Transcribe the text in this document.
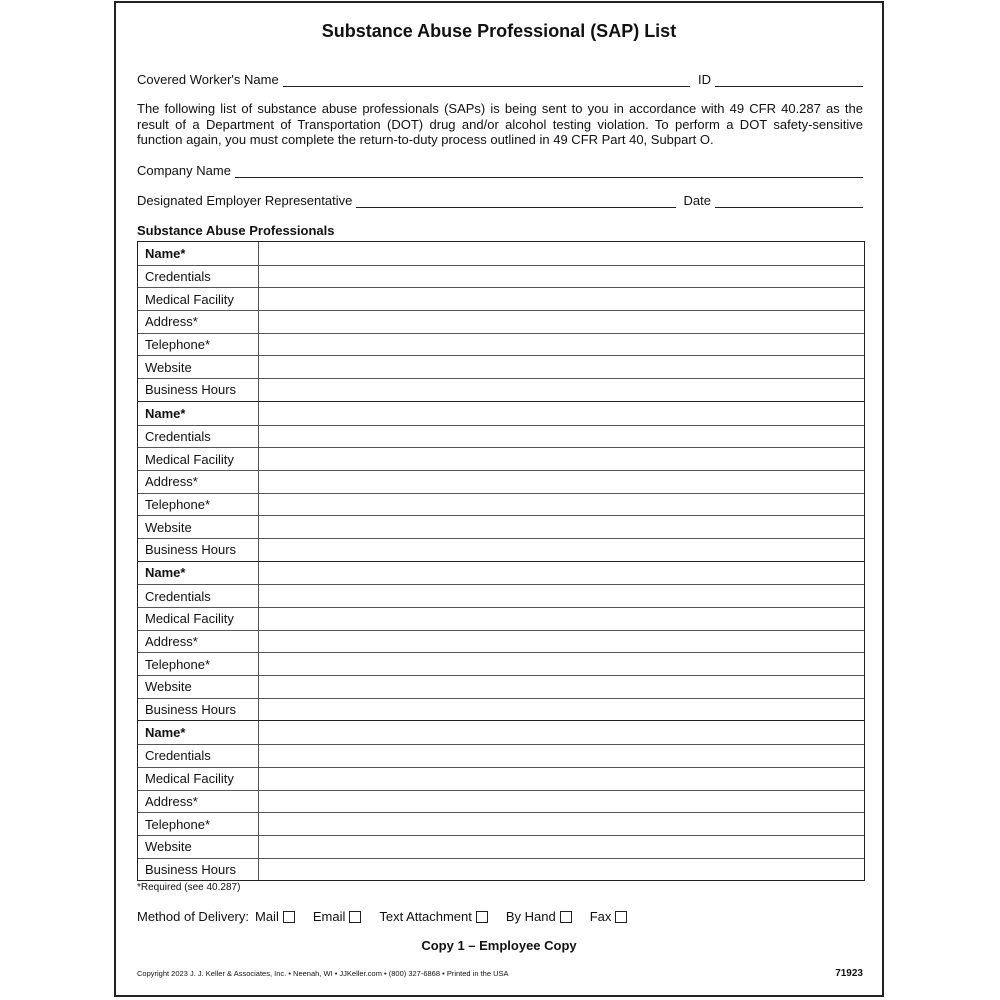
Substance Abuse Professional (SAP) List
Covered Worker's Name	ID
The following list of substance abuse professionals (SAPs) is being sent to you in accordance with 49 CFR 40.287 as the result of a Department of Transportation (DOT) drug and/or alcohol testing violation. To perform a DOT safety-sensitive function again, you must complete the return-to-duty process outlined in 49 CFR Part 40, Subpart O.
Company Name
Designated Employer Representative	Date
Substance Abuse Professionals
Name*
Credentials
Medical Facility
Address*
Telephone*
Website
Business Hours
Name*
Credentials
Medical Facility
Address*
Telephone*
Website
Business Hours
Name*
Credentials
Medical Facility
Address*
Telephone*
Website
Business Hours
Name*
Credentials
Medical Facility
Address*
Telephone*
Website
Business Hours
*Required (see 40.287)
Method of Delivery: Mail	Email	Text Attachment	By Hand	Fax
Copy 1 – Employee Copy
Copyright 2023 J. J. Keller & Associates, Inc. • Neenah, WI • JJKeller.com • (800) 327-6868 • Printed in the USA	71923
